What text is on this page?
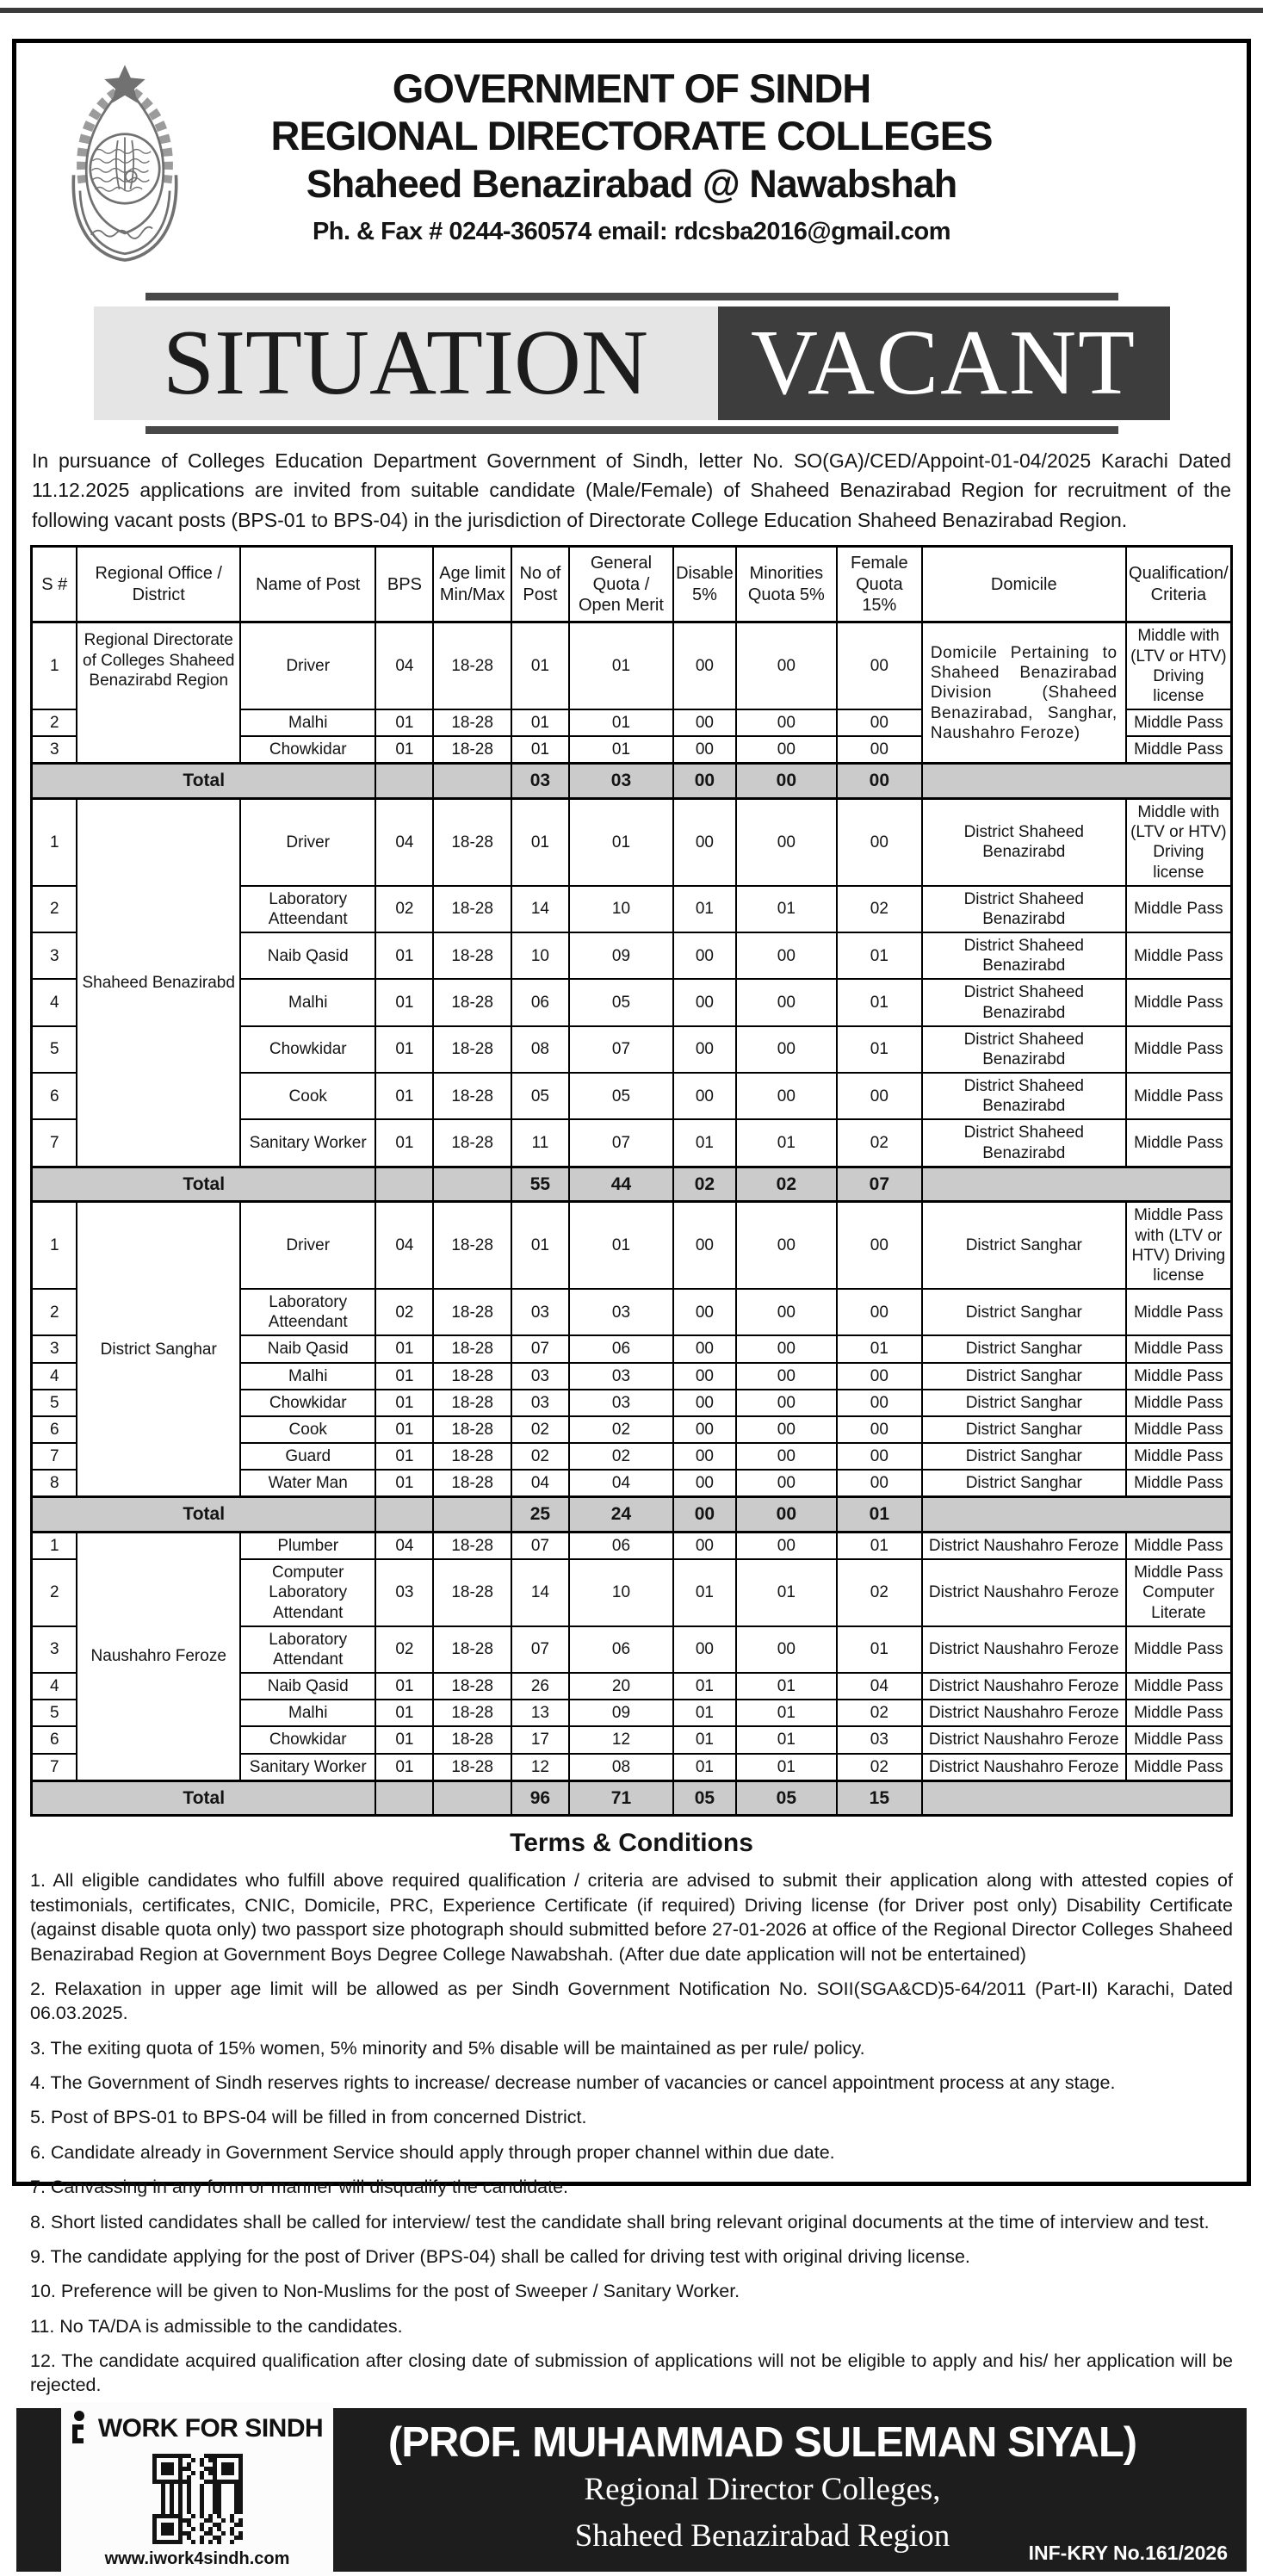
GOVERNMENT OF SINDH
REGIONAL DIRECTORATE COLLEGES
Shaheed Benazirabad @ Nawabshah
Ph. & Fax # 0244-360574 email: rdcsba2016@gmail.com
SITUATION	VACANT

In pursuance of Colleges Education Department Government of Sindh, letter No. SO(GA)/CED/Appoint-01-04/2025 Karachi Dated 11.12.2025 applications are invited from suitable candidate (Male/Female) of Shaheed Benazirabad Region for recruitment of the following vacant posts (BPS-01 to BPS-04) in the jurisdiction of Directorate College Education Shaheed Benazirabad Region.

S #	Regional Office / District	Name of Post	BPS	Age limit Min/Max	No of Post	General Quota / Open Merit	Disable 5%	Minorities Quota 5%	Female Quota 15%	Domicile	Qualification/ Criteria
1	Regional Directorate of Colleges Shaheed Benazirabd Region	Driver	04	18-28	01	01	00	00	00	Domicile Pertaining to Shaheed Benazirabad Division (Shaheed Benazirabad, Sanghar, Naushahro Feroze)	Middle with (LTV or HTV) Driving license
2		Malhi	01	18-28	01	01	00	00	00		Middle Pass
3		Chowkidar	01	18-28	01	01	00	00	00		Middle Pass
Total					03	03	00	00	00		
1	Shaheed Benazirabd	Driver	04	18-28	01	01	00	00	00	District Shaheed Benazirabd	Middle with (LTV or HTV) Driving license
2		Laboratory Atteendant	02	18-28	14	10	01	01	02	District Shaheed Benazirabd	Middle Pass
3		Naib Qasid	01	18-28	10	09	00	00	01	District Shaheed Benazirabd	Middle Pass
4		Malhi	01	18-28	06	05	00	00	01	District Shaheed Benazirabd	Middle Pass
5		Chowkidar	01	18-28	08	07	00	00	01	District Shaheed Benazirabd	Middle Pass
6		Cook	01	18-28	05	05	00	00	00	District Shaheed Benazirabd	Middle Pass
7		Sanitary Worker	01	18-28	11	07	01	01	02	District Shaheed Benazirabd	Middle Pass
Total					55	44	02	02	07		
1	District Sanghar	Driver	04	18-28	01	01	00	00	00	District Sanghar	Middle Pass with (LTV or HTV) Driving license
2		Laboratory Atteendant	02	18-28	03	03	00	00	00	District Sanghar	Middle Pass
3		Naib Qasid	01	18-28	07	06	00	00	01	District Sanghar	Middle Pass
4		Malhi	01	18-28	03	03	00	00	00	District Sanghar	Middle Pass
5		Chowkidar	01	18-28	03	03	00	00	00	District Sanghar	Middle Pass
6		Cook	01	18-28	02	02	00	00	00	District Sanghar	Middle Pass
7		Guard	01	18-28	02	02	00	00	00	District Sanghar	Middle Pass
8		Water Man	01	18-28	04	04	00	00	00	District Sanghar	Middle Pass
Total					25	24	00	00	01		
1	Naushahro Feroze	Plumber	04	18-28	07	06	00	00	01	District Naushahro Feroze	Middle Pass
2		Computer Laboratory Attendant	03	18-28	14	10	01	01	02	District Naushahro Feroze	Middle Pass Computer Literate
3		Laboratory Attendant	02	18-28	07	06	00	00	01	District Naushahro Feroze	Middle Pass
4		Naib Qasid	01	18-28	26	20	01	01	04	District Naushahro Feroze	Middle Pass
5		Malhi	01	18-28	13	09	01	01	02	District Naushahro Feroze	Middle Pass
6		Chowkidar	01	18-28	17	12	01	01	03	District Naushahro Feroze	Middle Pass
7		Sanitary Worker	01	18-28	12	08	01	01	02	District Naushahro Feroze	Middle Pass
Total					96	71	05	05	15		
Terms & Conditions

1. All eligible candidates who fulfill above required qualification / criteria are advised to submit their application along with attested copies of testimonials, certificates, CNIC, Domicile, PRC, Experience Certificate (if required) Driving license (for Driver post only) Disability Certificate (against disable quota only) two passport size photograph should submitted before 27-01-2026 at office of the Regional Director Colleges Shaheed Benazirabad Region at Government Boys Degree College Nawabshah. (After due date application will not be entertained)

2. Relaxation in upper age limit will be allowed as per Sindh Government Notification No. SOII(SGA&CD)5-64/2011 (Part-II) Karachi, Dated 06.03.2025.

3. The exiting quota of 15% women, 5% minority and 5% disable will be maintained as per rule/ policy.

4. The Government of Sindh reserves rights to increase/ decrease number of vacancies or cancel appointment process at any stage.

5. Post of BPS-01 to BPS-04 will be filled in from concerned District.

6. Candidate already in Government Service should apply through proper channel within due date.

7. Canvassing in any form or manner will disqualify the candidate.

8. Short listed candidates shall be called for interview/ test the candidate shall bring relevant original documents at the time of interview and test.

9. The candidate applying for the post of Driver (BPS-04) shall be called for driving test with original driving license.

10. Preference will be given to Non-Muslims for the post of Sweeper / Sanitary Worker.

11. No TA/DA is admissible to the candidates.

12. The candidate acquired qualification after closing date of submission of applications will not be eligible to apply and his/ her application will be rejected.

WORK FOR SINDH
www.iwork4sindh.com
(PROF. MUHAMMAD SULEMAN SIYAL)
Regional Director Colleges,
Shaheed Benazirabad Region	INF-KRY No.161/2026
